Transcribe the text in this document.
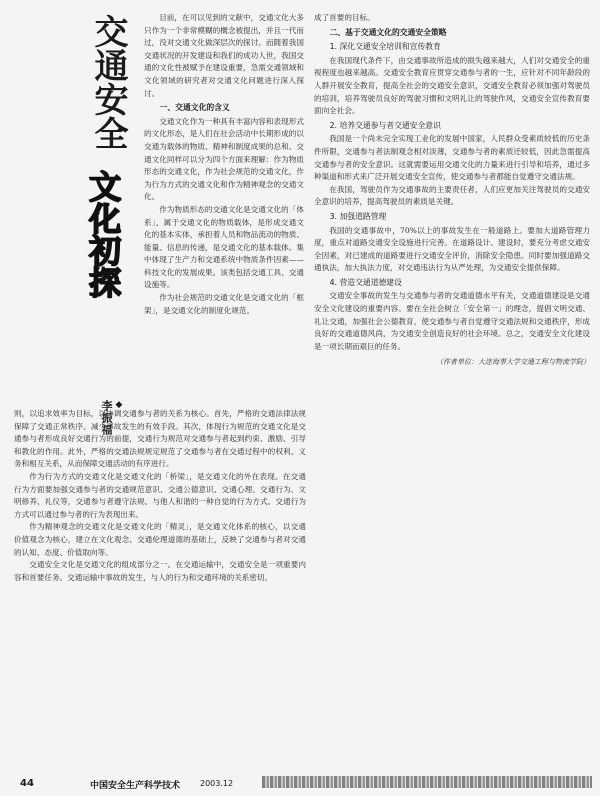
交通安全
文化初探
◆
李振福

目前，在可以见到的文献中，交通文化大多只作为一个非常模糊的概念被提出，并且一代而过，没对交通文化做深层次的探讨。而随着我国交通状况的开发建设和我们的成功人世，我国交通的文化性被赋予在建设重要，急需交通领域和文化领域的研究者对交通文化问题进行深入探讨。

一、交通文化的含义

交通文化作为一种具有丰富内容和表现形式的文化形态，是人们在社会活动中长期形成的以交通为载体的物质、精神和制度成果的总和。交通文化同样可以分为四个方面来理解：作为物质形态的交通文化，作为社会规范的交通文化，作为行为方式的交通文化和作为精神观念的交通文化。

作为物质形态的交通文化是交通文化的「体系」，属于交通文化的物质载体，是形成交通文化的基本实体，承担着人员和物品流动的物质、能量、信息的传递，是交通文化的基本载体。集中体现了生产力和交通系统中物质条件因素——科技文化的发展成果。该类包括交通工具、交通设施等。

作为社会规范的交通文化是交通文化的「框架」，是交通文化的制度化规范。

则，以追求效率为目标，以协调交通参与者的关系为核心。首先，严格的交通法律法规保障了交通正常秩序、减少事故发生的有效手段。其次，体现行为规范的交通文化是交通参与者形成良好交通行为的前提，交通行为规范对交通参与者起到约束、激励、引导和教化的作用。此外，严格的交通法规规定规范了交通参与者在交通过程中的权利、义务和相互关系，从而保障交通活动的有序进行。

作为行为方式的交通文化是交通文化的「桥梁」，是交通文化的外在表现。在交通行为方面要加强交通参与者的交通规范意识、交通公德意识、交通心理、交通行为、文明修养、礼仪等，交通参与者遵守法规、与他人和谐的一种自觉的行为方式。交通行为方式可以通过参与者的行为表现出来。

作为精神观念的交通文化是交通文化的「精灵」，是交通文化体系的核心，以交通价值观念为核心，建立在文化观念、交通伦理道德的基础上，反映了交通参与者对交通的认知、态度、价值取向等。

交通安全文化是交通文化的组成部分之一。在交通运输中，交通安全是一项重要内容和首要任务。交通运输中事故的发生，与人的行为和交通环境的关系密切。

成了首要的目标。

二、基于交通文化的交通安全策略
1. 深化交通安全培训和宣传教育

在我国现代条件下，由交通事故所造成的损失越来越大，人们对交通安全的重视程度也越来越高。交通安全教育应贯穿交通参与者的一生，应针对不同年龄段的人群开展安全教育，提高全社会的交通安全意识，交通安全教育必须加强对驾驶员的培训，培养驾驶员良好的驾驶习惯和文明礼让的驾驶作风，交通安全宣传教育要面向全社会。

2. 培养交通参与者交通安全意识

我国是一个尚未完全实现工业化的发展中国家，人民群众受素质较低的历史条件所限，交通参与者法制观念相对淡薄，交通参与者的素质还较低，因此急需提高交通参与者的安全意识。这就需要运用交通文化的力量来进行引导和培养，通过多种渠道和形式来广泛开展交通安全宣传，使交通参与者都能自觉遵守交通法规。

在我国，驾驶员作为交通事故的主要责任者，人们应更加关注驾驶员的交通安全意识的培养，提高驾驶员的素质是关键。

3. 加强道路管理

我国的交通事故中，70%以上的事故发生在一般道路上。要加大道路管理力度，重点对道路交通安全设施进行完善。在道路设计、建设时，要充分考虑交通安全因素，对已建成的道路要进行交通安全评价，消除安全隐患。同时要加强道路交通执法，加大执法力度，对交通违法行为从严处理，为交通安全提供保障。

4. 营造交通道德建设

交通安全事故的发生与交通参与者的交通道德水平有关，交通道德建设是交通安全文化建设的重要内容。要在全社会树立「安全第一」的理念，提倡文明交通、礼让交通，加强社会公德教育，使交通参与者自觉遵守交通法规和交通秩序，形成良好的交通道德风尚，为交通安全创造良好的社会环境。总之，交通安全文化建设是一项长期而艰巨的任务。

（作者单位：大连海事大学交通工程与物流学院）

44	中国安全生产科学技术 2003.12
